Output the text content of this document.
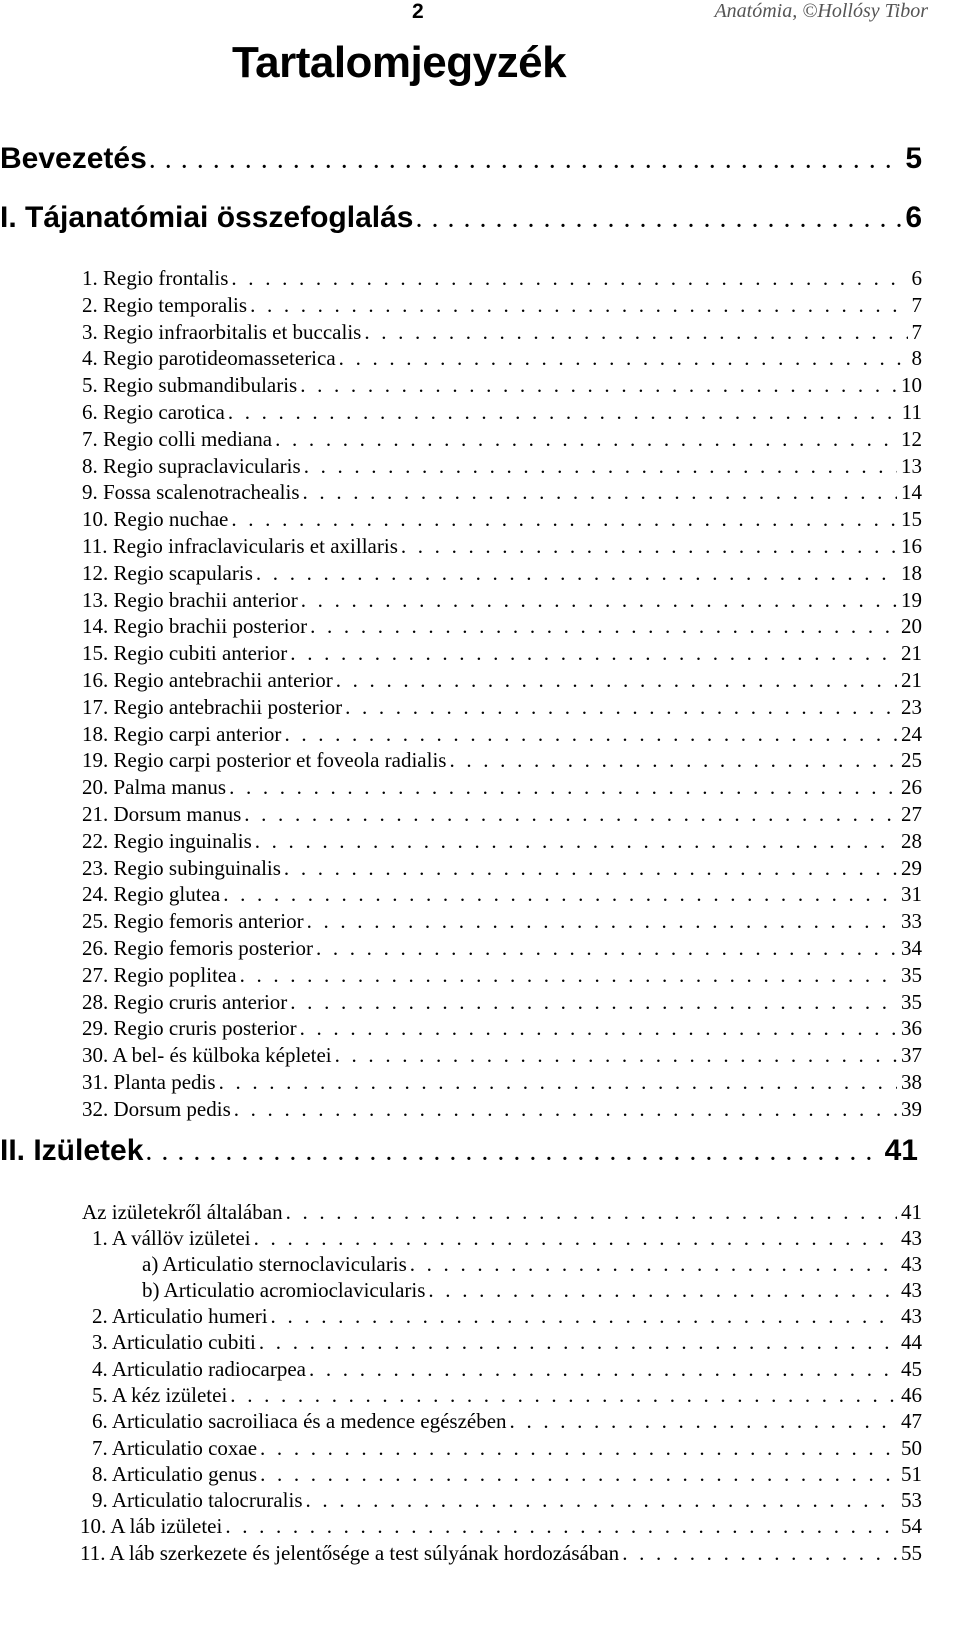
2	Anatómia, ©Hollósy Tibor
Tartalomjegyzék
Bevezetés . . .	5
I. Tájanatómiai összefoglalás . . .	6
1. Regio frontalis . . .	6
2. Regio temporalis . . .	7
3. Regio infraorbitalis et buccalis . . .	7
4. Regio parotideomasseterica . . .	8
5. Regio submandibularis . . .	10
6. Regio carotica . . .	11
7. Regio colli mediana . . .	12
8. Regio supraclavicularis . . .	13
9. Fossa scalenotrachealis . . .	14
10. Regio nuchae . . .	15
11. Regio infraclavicularis et axillaris . . .	16
12. Regio scapularis . . .	18
13. Regio brachii anterior . . .	19
14. Regio brachii posterior . . .	20
15. Regio cubiti anterior . . .	21
16. Regio antebrachii anterior . . .	21
17. Regio antebrachii posterior . . .	23
18. Regio carpi anterior . . .	24
19. Regio carpi posterior et foveola radialis . . .	25
20. Palma manus . . .	26
21. Dorsum manus . . .	27
22. Regio inguinalis . . .	28
23. Regio subinguinalis . . .	29
24. Regio glutea . . .	31
25. Regio femoris anterior . . .	33
26. Regio femoris posterior . . .	34
27. Regio poplitea . . .	35
28. Regio cruris anterior . . .	35
29. Regio cruris posterior . . .	36
30. A bel- és külboka képletei . . .	37
31. Planta pedis . . .	38
32. Dorsum pedis . . .	39
II. Izületek . . .	41
Az izületekről általában . . .	41
1. A vállöv izületei . . .	43
a) Articulatio sternoclavicularis . . .	43
b) Articulatio acromioclavicularis . . .	43
2. Articulatio humeri . . .	43
3. Articulatio cubiti . . .	44
4. Articulatio radiocarpea . . .	45
5. A kéz izületei . . .	46
6. Articulatio sacroiliaca és a medence egészében . . .	47
7. Articulatio coxae . . .	50
8. Articulatio genus . . .	51
9. Articulatio talocruralis . . .	53
10. A láb izületei . . .	54
11. A láb szerkezete és jelentősége a test súlyának hordozásában . . .	55
